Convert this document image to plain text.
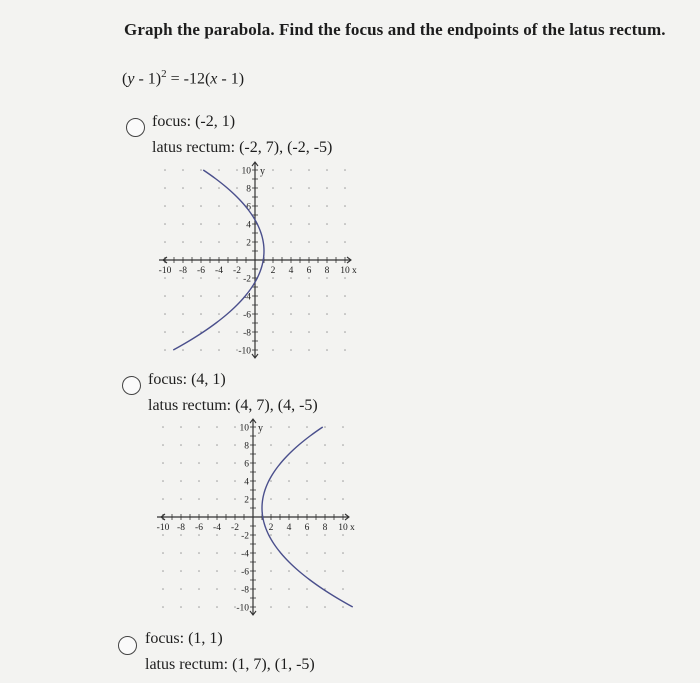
Graph the parabola. Find the focus and the endpoints of the latus rectum.
(y - 1)$^2$ = -12(x - 1)
focus: (-2, 1)
latus rectum: (-2, 7), (-2, -5)
-10 -8 -6 -4 -2	2 4 6 8 10
10
8
6
4
2
-2
-4
-6
-8
-10
x
y
focus: (4, 1)
latus rectum: (4, 7), (4, -5)
-10 -8 -6 -4 -2	2 4 6 8 10
10
8
6
4
2
-2
-4
-6
-8
-10
x
y
focus: (1, 1)
latus rectum: (1, 7), (1, -5)
